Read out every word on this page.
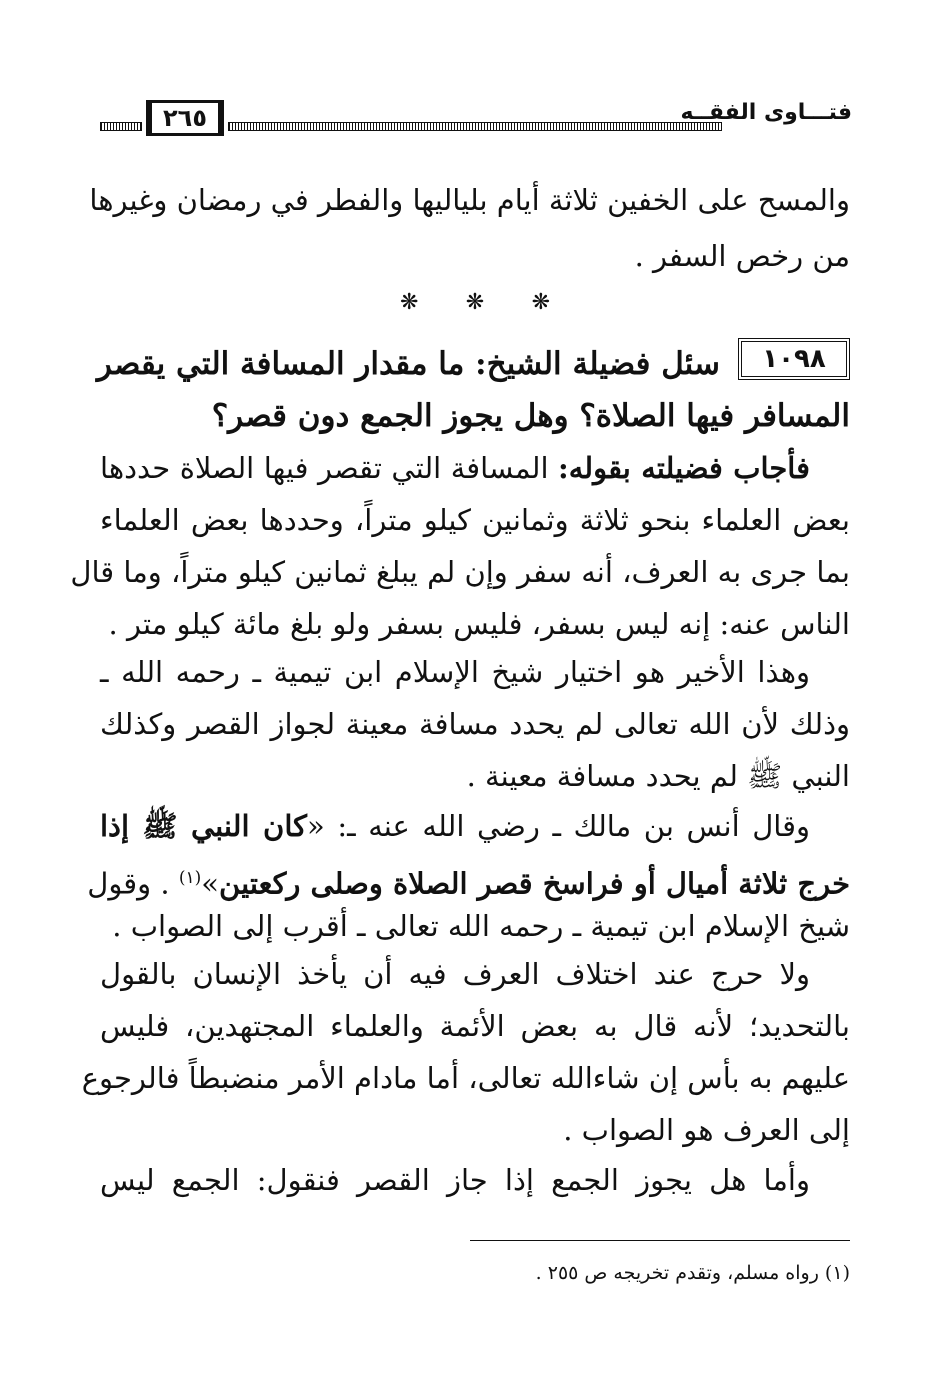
٢٦٥	فتـــاوى الفقــه
والمسح على الخفين ثلاثة أيام بلياليها والفطر في رمضان وغيرها
من رخص السفر .
❋ ❋ ❋
١٠٩٨
سئل فضيلة الشيخ: ما مقدار المسافة التي يقصر
المسافر فيها الصلاة؟ وهل يجوز الجمع دون قصر؟
فأجاب فضيلته بقوله: المسافة التي تقصر فيها الصلاة حددها
بعض العلماء بنحو ثلاثة وثمانين كيلو متراً، وحددها بعض العلماء
بما جرى به العرف، أنه سفر وإن لم يبلغ ثمانين كيلو متراً، وما قال
الناس عنه: إنه ليس بسفر، فليس بسفر ولو بلغ مائة كيلو متر .
وهذا الأخير هو اختيار شيخ الإسلام ابن تيمية ـ رحمه الله ـ
وذلك لأن الله تعالى لم يحدد مسافة معينة لجواز القصر وكذلك
النبي ﷺ لم يحدد مسافة معينة .
وقال أنس بن مالك ـ رضي الله عنه ـ: «كان النبي ﷺ إذا
خرج ثلاثة أميال أو فراسخ قصر الصلاة وصلى ركعتين»$^{(١)}$ . وقول
شيخ الإسلام ابن تيمية ـ رحمه الله تعالى ـ أقرب إلى الصواب .
ولا حرج عند اختلاف العرف فيه أن يأخذ الإنسان بالقول
بالتحديد؛ لأنه قال به بعض الأئمة والعلماء المجتهدين، فليس
عليهم به بأس إن شاءالله تعالى، أما مادام الأمر منضبطاً فالرجوع
إلى العرف هو الصواب .
وأما هل يجوز الجمع إذا جاز القصر فنقول: الجمع ليس
(١) رواه مسلم، وتقدم تخريجه ص ٢٥٥ .
